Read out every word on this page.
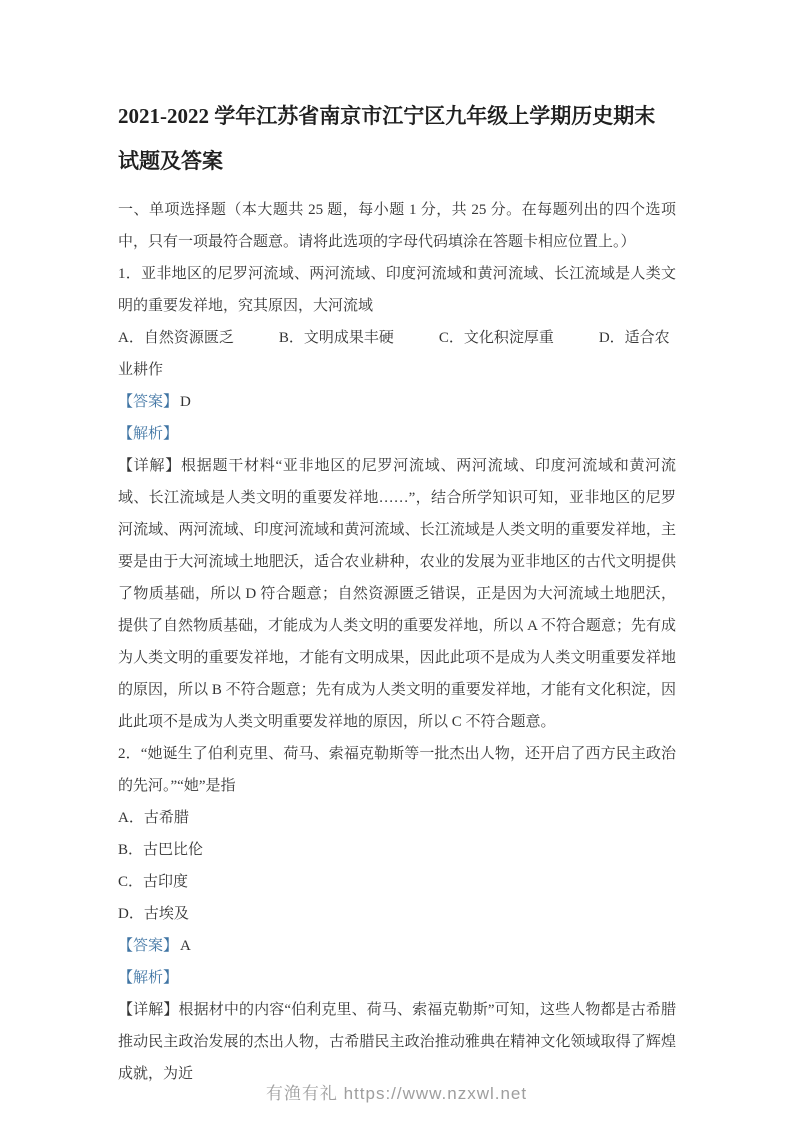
2021-2022 学年江苏省南京市江宁区九年级上学期历史期末
试题及答案

一、单项选择题（本大题共 25 题，每小题 1 分，共 25 分。在每题列出的四个选项中，只有一项最符合题意。请将此选项的字母代码填涂在答题卡相应位置上。）

1．亚非地区的尼罗河流域、两河流域、印度河流域和黄河流域、长江流域是人类文明的重要发祥地，究其原因，大河流域

A．自然资源匮乏　　　B．文明成果丰硬　　　C．文化积淀厚重　　　D．适合农业耕作

【答案】 D

【解析】

【详解】根据题干材料“亚非地区的尼罗河流域、两河流域、印度河流域和黄河流域、长江流域是人类文明的重要发祥地……”，结合所学知识可知，亚非地区的尼罗河流域、两河流域、印度河流域和黄河流域、长江流域是人类文明的重要发祥地，主要是由于大河流域土地肥沃，适合农业耕种，农业的发展为亚非地区的古代文明提供了物质基础，所以 D 符合题意；自然资源匮乏错误，正是因为大河流域土地肥沃，提供了自然物质基础，才能成为人类文明的重要发祥地，所以 A 不符合题意；先有成为人类文明的重要发祥地，才能有文明成果，因此此项不是成为人类文明重要发祥地的原因，所以 B 不符合题意；先有成为人类文明的重要发祥地，才能有文化积淀，因此此项不是成为人类文明重要发祥地的原因，所以 C 不符合题意。

2．“她诞生了伯利克里、荷马、索福克勒斯等一批杰出人物，还开启了西方民主政治的先河。”“她”是指

A．古希腊

B．古巴比伦

C．古印度

D．古埃及

【答案】 A

【解析】

【详解】根据材中的内容“伯利克里、荷马、索福克勒斯”可知，这些人物都是古希腊推动民主政治发展的杰出人物，古希腊民主政治推动雅典在精神文化领域取得了辉煌成就，为近

有渔有礼 https://www.nzxwl.net
